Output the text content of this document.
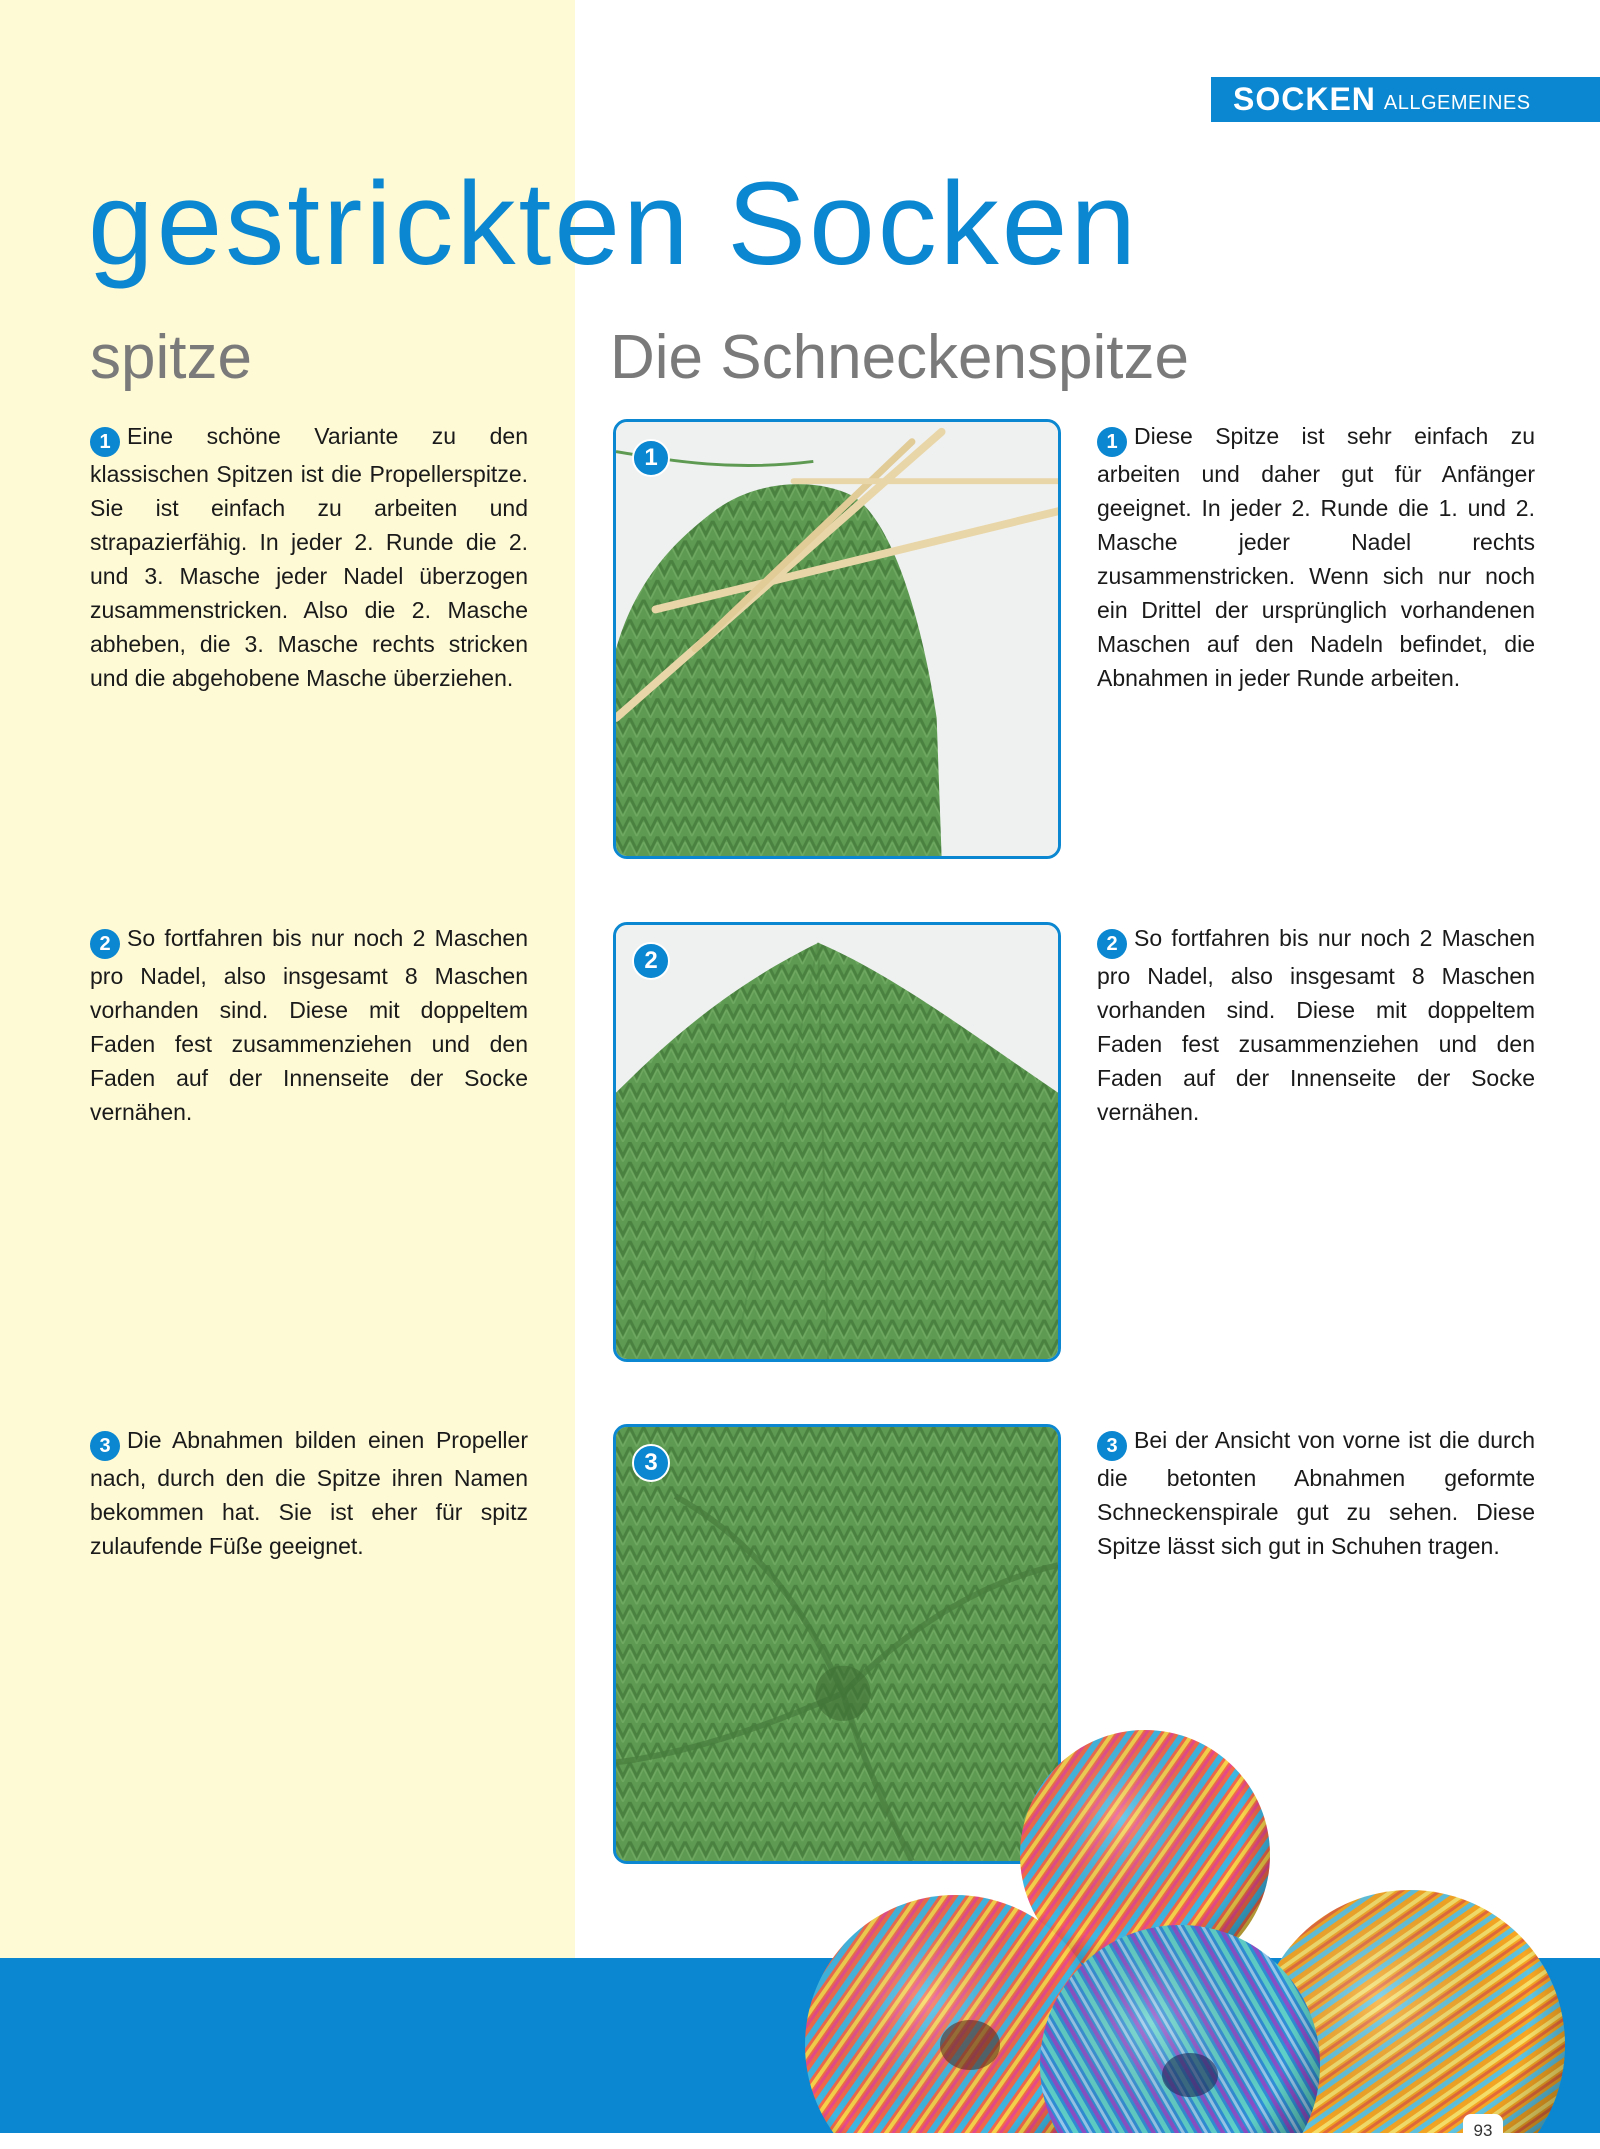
SOCKEN ALLGEMEINES
gestrickten Socken
spitze	Die Schneckenspitze

1 Eine schöne Variante zu den klassischen Spitzen ist die Propellerspitze. Sie ist einfach zu arbeiten und strapazierfähig. In jeder 2. Runde die 2. und 3. Masche jeder Nadel überzogen zusammenstricken. Also die 2. Masche abheben, die 3. Masche rechts stricken und die abgehobene Masche überziehen.

2 So fortfahren bis nur noch 2 Maschen pro Nadel, also insgesamt 8 Maschen vorhanden sind. Diese mit doppeltem Faden fest zusammenziehen und den Faden auf der Innenseite der Socke vernähen.

3 Die Abnahmen bilden einen Propeller nach, durch den die Spitze ihren Namen bekommen hat. Sie ist eher für spitz zulaufende Füße geeignet.

1
2
3

1 Diese Spitze ist sehr einfach zu arbeiten und daher gut für Anfänger geeignet. In jeder 2. Runde die 1. und 2. Masche jeder Nadel rechts zusammenstricken. Wenn sich nur noch ein Drittel der ursprünglich vorhandenen Maschen auf den Nadeln befindet, die Abnahmen in jeder Runde arbeiten.

2 So fortfahren bis nur noch 2 Maschen pro Nadel, also insgesamt 8 Maschen vorhanden sind. Diese mit doppeltem Faden fest zusammenziehen und den Faden auf der Innenseite der Socke vernähen.

3 Bei der Ansicht von vorne ist die durch die betonten Abnahmen geformte Schneckenspirale gut zu sehen. Diese Spitze lässt sich gut in Schuhen tragen.

93
